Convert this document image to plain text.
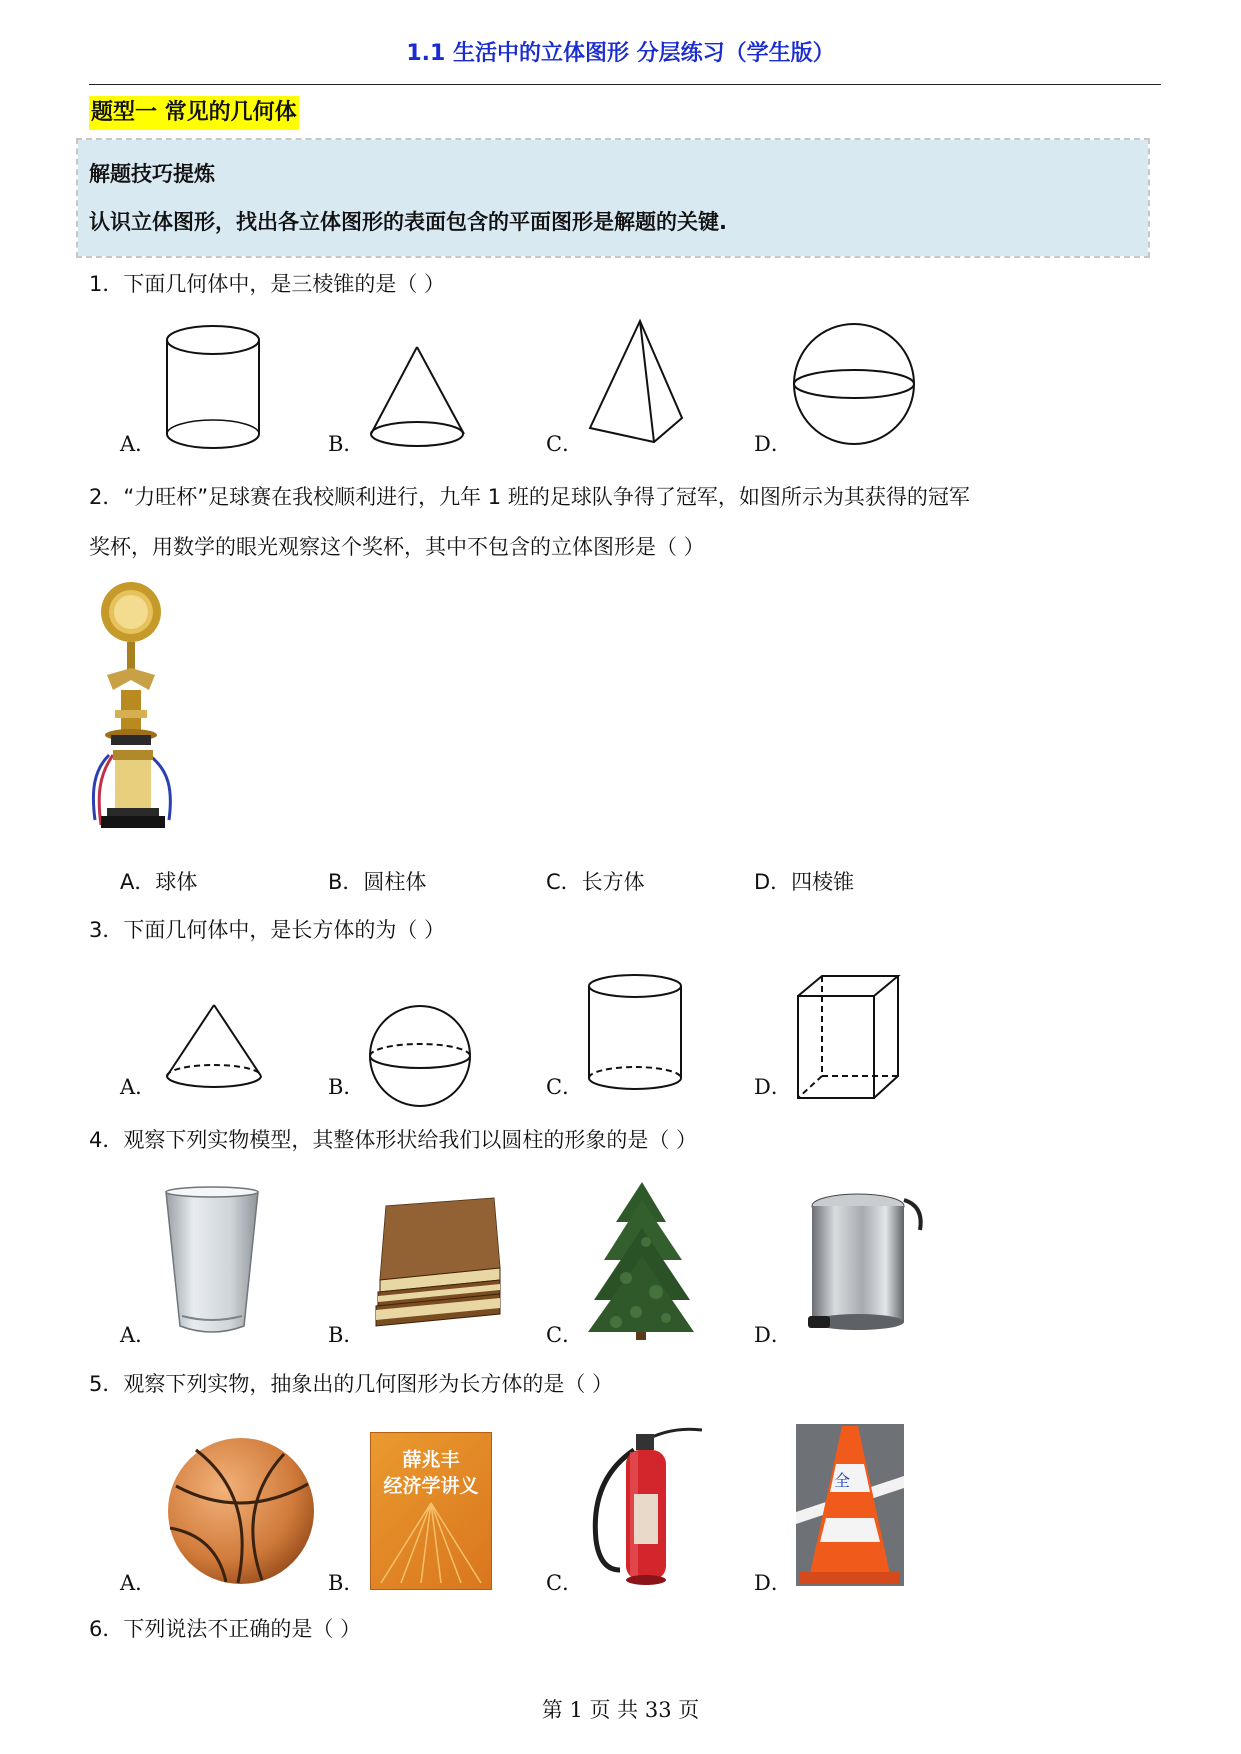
1.1 生活中的立体图形 分层练习（学生版）
题型一 常见的几何体
解题技巧提炼
认识立体图形，找出各立体图形的表面包含的平面图形是解题的关键.
1．下面几何体中，是三棱锥的是（ ）
A．	B．	C．	D．
2．“力旺杯”足球赛在我校顺利进行，九年 1 班的足球队争得了冠军，如图所示为其获得的冠军
奖杯，用数学的眼光观察这个奖杯，其中不包含的立体图形是（ ）
A．球体	B．圆柱体	C．长方体	D．四棱锥
3．下面几何体中，是长方体的为（ ）
A．	B．	C．	D．
4．观察下列实物模型，其整体形状给我们以圆柱的形象的是（ ）
A．	B．	C．	D．
5．观察下列实物，抽象出的几何图形为长方体的是（ ）
A．
薛兆丰
经济学讲义
B．	C．
全
D．
6．下列说法不正确的是（ ）
第 1 页 共 33 页
